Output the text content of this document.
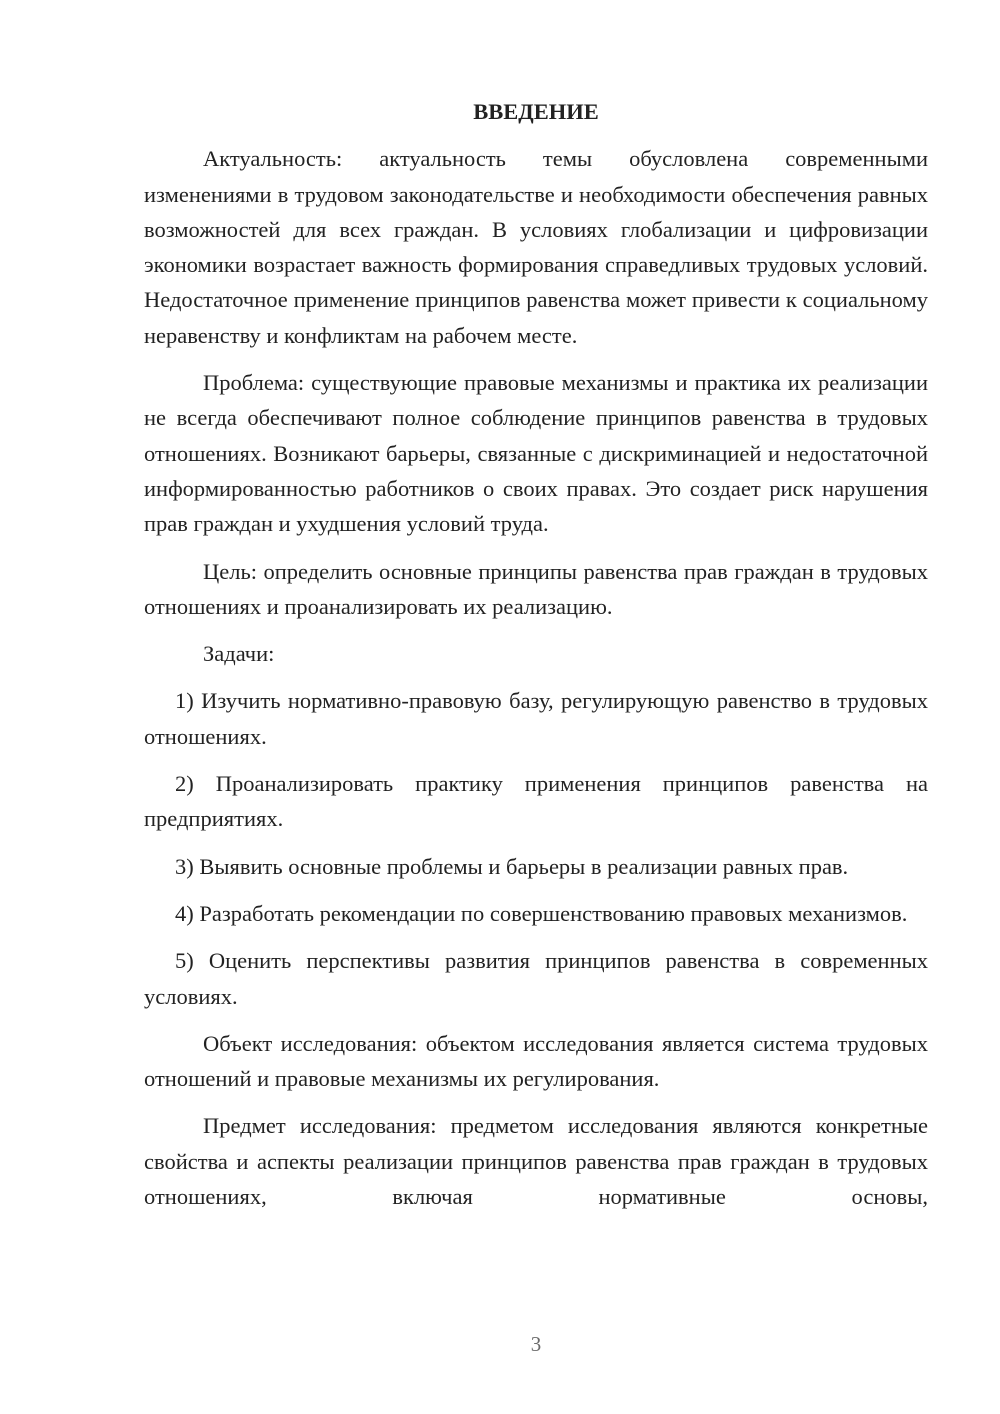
ВВЕДЕНИЕ

Актуальность: актуальность темы обусловлена современными изменениями в трудовом законодательстве и необходимости обеспечения равных возможностей для всех граждан. В условиях глобализации и цифровизации экономики возрастает важность формирования справедливых трудовых условий. Недостаточное применение принципов равенства может привести к социальному неравенству и конфликтам на рабочем месте.

Проблема: существующие правовые механизмы и практика их реализации не всегда обеспечивают полное соблюдение принципов равенства в трудовых отношениях. Возникают барьеры, связанные с дискриминацией и недостаточной информированностью работников о своих правах. Это создает риск нарушения прав граждан и ухудшения условий труда.

Цель: определить основные принципы равенства прав граждан в трудовых отношениях и проанализировать их реализацию.

Задачи:

1) Изучить нормативно-правовую базу, регулирующую равенство в трудовых отношениях.

2) Проанализировать практику применения принципов равенства на предприятиях.

3) Выявить основные проблемы и барьеры в реализации равных прав.

4) Разработать рекомендации по совершенствованию правовых механизмов.

5) Оценить перспективы развития принципов равенства в современных условиях.

Объект исследования: объектом исследования является система трудовых отношений и правовые механизмы их регулирования.

Предмет исследования: предметом исследования являются конкретные свойства и аспекты реализации принципов равенства прав граждан в трудовых отношениях, включая нормативные основы,

3
